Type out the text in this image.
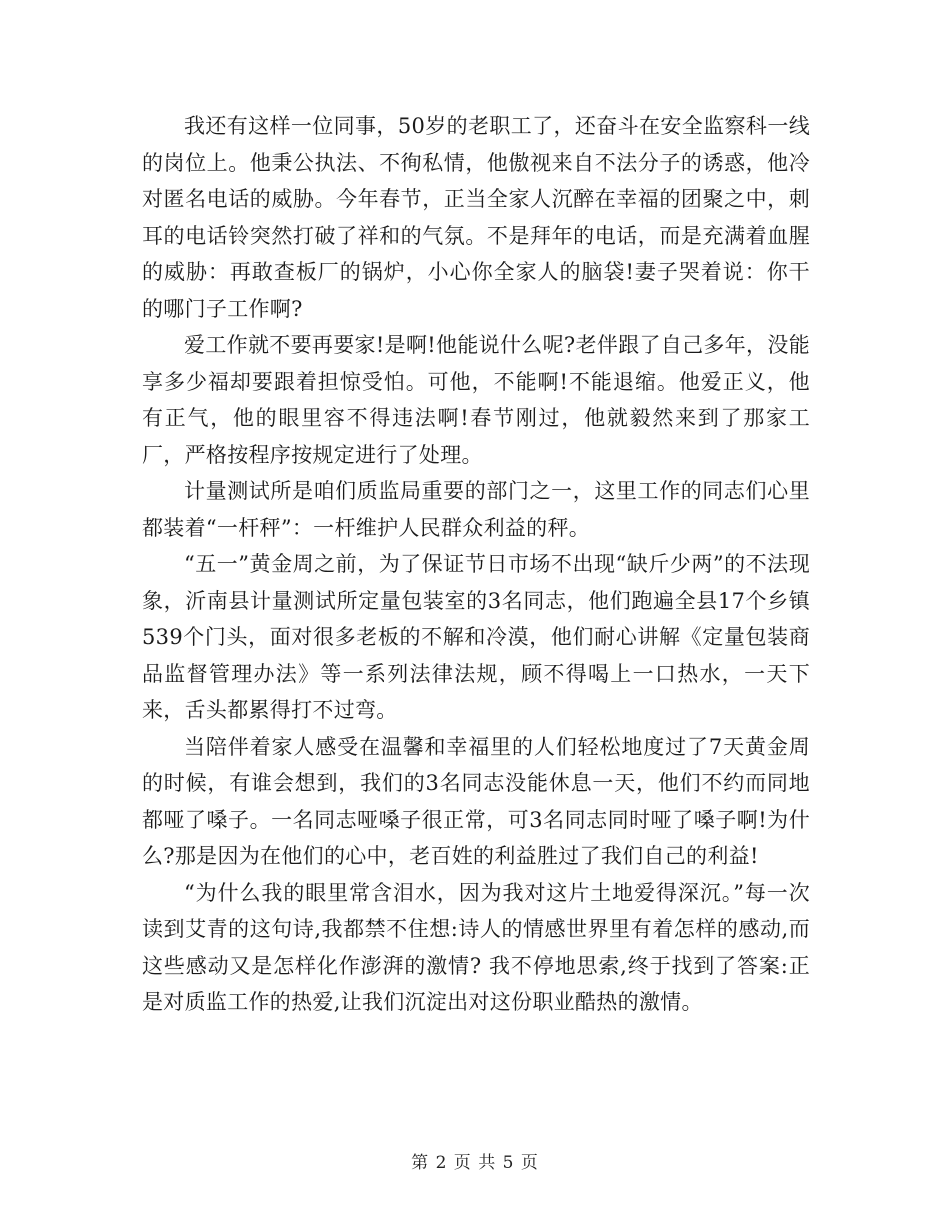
我还有这样一位同事，50岁的老职工了，还奋斗在安全监察科一线的岗位上。他秉公执法、不徇私情，他傲视来自不法分子的诱惑，他冷对匿名电话的威胁。今年春节，正当全家人沉醉在幸福的团聚之中，刺耳的电话铃突然打破了祥和的气氛。不是拜年的电话，而是充满着血腥的威胁：再敢查板厂的锅炉，小心你全家人的脑袋!妻子哭着说：你干的哪门子工作啊?

爱工作就不要再要家!是啊!他能说什么呢?老伴跟了自己多年，没能享多少福却要跟着担惊受怕。可他，不能啊!不能退缩。他爱正义，他有正气，他的眼里容不得违法啊!春节刚过，他就毅然来到了那家工厂，严格按程序按规定进行了处理。

计量测试所是咱们质监局重要的部门之一，这里工作的同志们心里都装着“一杆秤”：一杆维护人民群众利益的秤。

“五一”黄金周之前，为了保证节日市场不出现“缺斤少两”的不法现象，沂南县计量测试所定量包装室的3名同志，他们跑遍全县17个乡镇539个门头，面对很多老板的不解和冷漠，他们耐心讲解《定量包装商品监督管理办法》等一系列法律法规，顾不得喝上一口热水，一天下来，舌头都累得打不过弯。

当陪伴着家人感受在温馨和幸福里的人们轻松地度过了7天黄金周的时候，有谁会想到，我们的3名同志没能休息一天，他们不约而同地都哑了嗓子。一名同志哑嗓子很正常，可3名同志同时哑了嗓子啊!为什么?那是因为在他们的心中，老百姓的利益胜过了我们自己的利益!

“为什么我的眼里常含泪水，因为我对这片土地爱得深沉。”每一次读到艾青的这句诗,我都禁不住想:诗人的情感世界里有着怎样的感动,而这些感动又是怎样化作澎湃的激情? 我不停地思索,终于找到了答案:正是对质监工作的热爱,让我们沉淀出对这份职业酷热的激情。

第 2 页 共 5 页
